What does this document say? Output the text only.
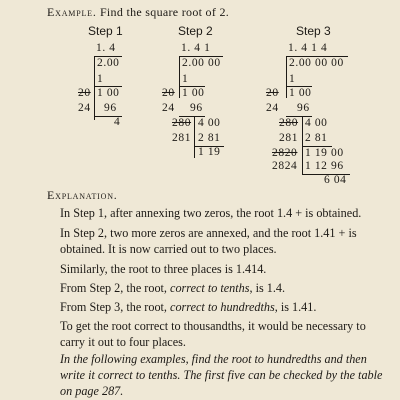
Example. Find the square root of 2.
Step 1
1. 4
2.00
1
20 1 00
24 96
4
Step 2
1. 4 1
2.00 00
1
20 1 00
24 96
280 4 00
281 2 81
1 19
Step 3
1. 4 1 4
2.00 00 00
1
20 1 00
24 96
280 4 00
281 2 81
2820 1 19 00
2824 1 12 96
6 04
Explanation.
In Step 1, after annexing two zeros, the root 1.4 + is obtained.
In Step 2, two more zeros are annexed, and the root 1.41 + is obtained. It is now carried out to two places.
Similarly, the root to three places is 1.414.
From Step 2, the root, correct to tenths, is 1.4.
From Step 3, the root, correct to hundredths, is 1.41.
To get the root correct to thousandths, it would be necessary to carry it out to four places.
In the following examples, find the root to hundredths and then write it correct to tenths. The first five can be checked by the table on page 287.
